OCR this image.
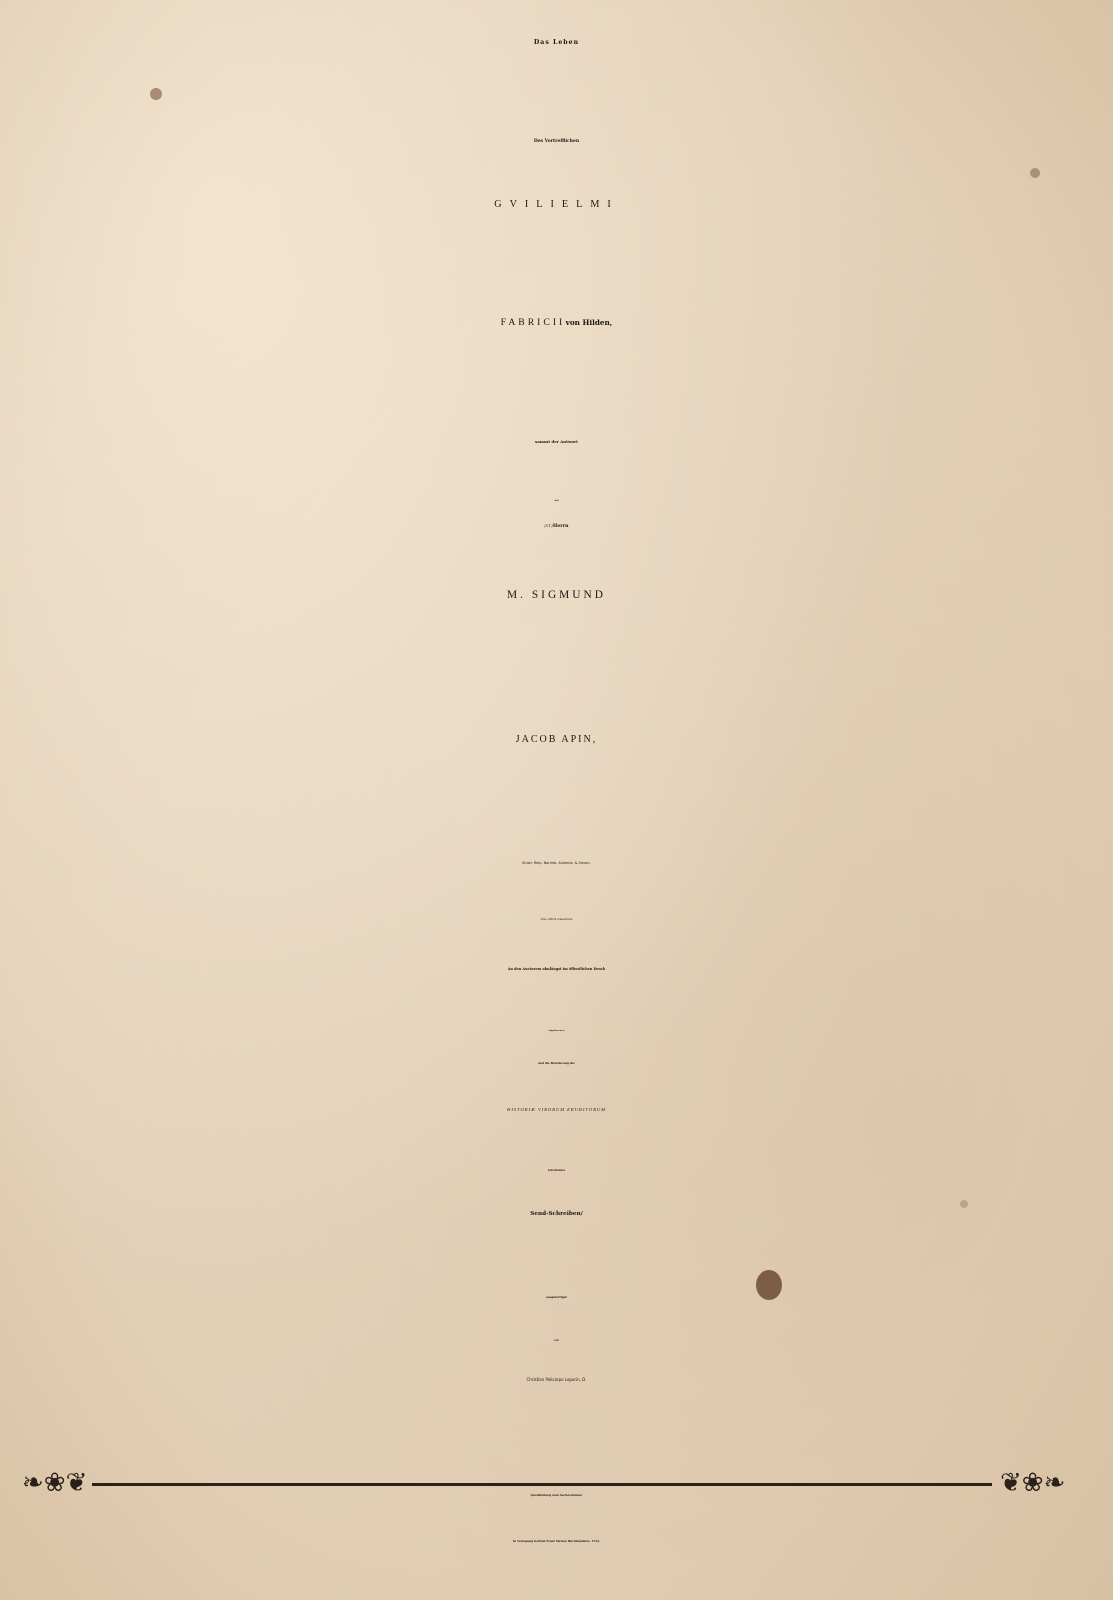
Das Leben
Des Vortrefflichen
GVILIELMI
FABRICII von Hilden,
sammt der Antwort
Auf
(S.T.) Herrn
M. SIGMUND
JACOB APIN,
Illustr. Reip. Norimb. Alumnor. & Oecon.
Univ. Altorf. Inspectoris
An den Auctorem ohnlängst im öffentlichen Druck
abgelassenes/
und die Befoderung der
HISTORIÆ VIRORUM ERUDITORUM
betreffendes
Send-Schreiben/
ausgefertiget
von
Christian Policarpo Leporin, D.
❧❀❦	❦❀❧
Quedlinburg und Aschersleben/
In Verlegung Gottlob Ernst Strunz/ Buchhändlers. 1722.
